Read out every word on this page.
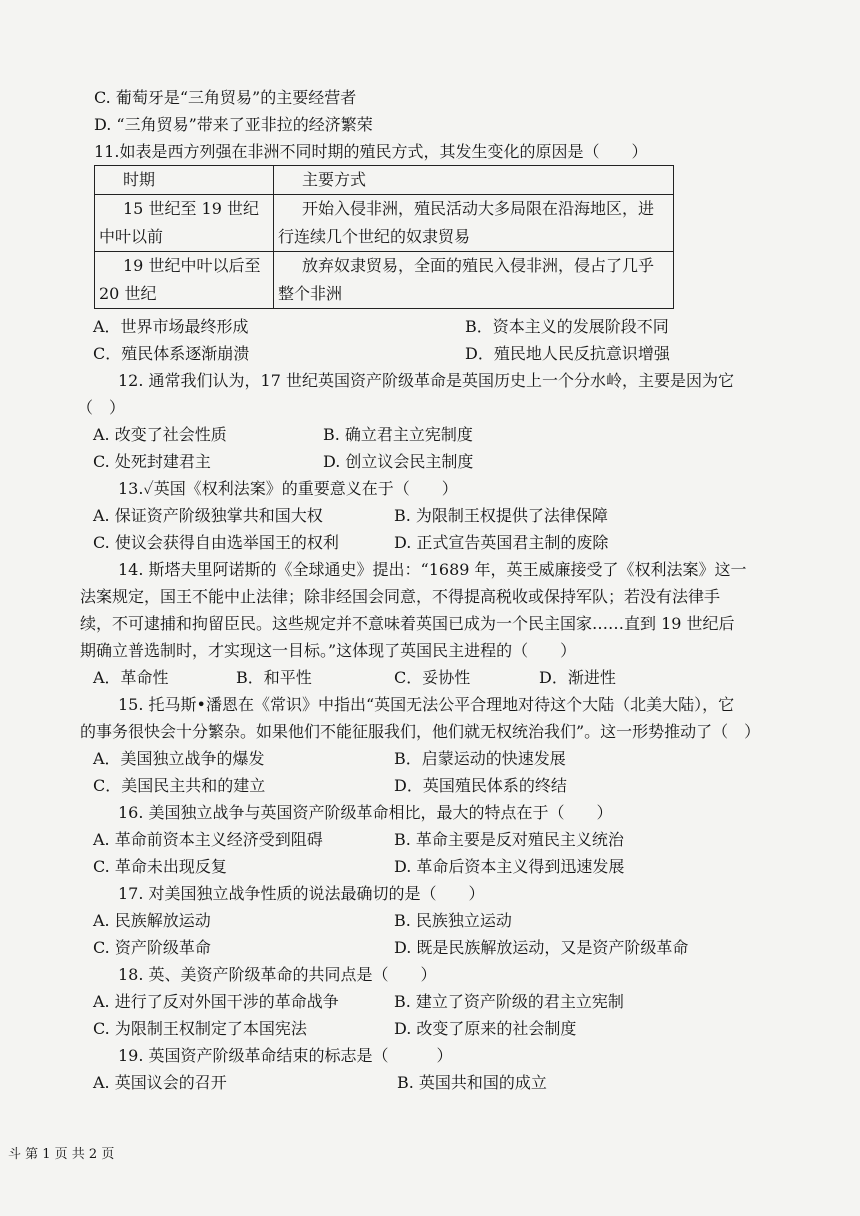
C. 葡萄牙是“三角贸易”的主要经营者
D. “三角贸易”带来了亚非拉的经济繁荣
11.如表是西方列强在非洲不同时期的殖民方式，其发生变化的原因是（　　）
时期	主要方式

15 世纪至 19 世纪中叶以前	开始入侵非洲，殖民活动大多局限在沿海地区，进行连续几个世纪的奴隶贸易

19 世纪中叶以后至 20 世纪	放弃奴隶贸易，全面的殖民入侵非洲，侵占了几乎整个非洲
A．世界市场最终形成	B．资本主义的发展阶段不同
C．殖民体系逐渐崩溃	D．殖民地人民反抗意识增强
12. 通常我们认为，17 世纪英国资产阶级革命是英国历史上一个分水岭，主要是因为它
（　）
A. 改变了社会性质	B. 确立君主立宪制度
C. 处死封建君主	D. 创立议会民主制度
13.✓英国《权利法案》的重要意义在于（　　）
A. 保证资产阶级独掌共和国大权	B. 为限制王权提供了法律保障
C. 使议会获得自由选举国王的权利	D. 正式宣告英国君主制的废除
14. 斯塔夫里阿诺斯的《全球通史》提出：“1689 年，英王威廉接受了《权利法案》这一
法案规定，国王不能中止法律；除非经国会同意，不得提高税收或保持军队；若没有法律手
续，不可逮捕和拘留臣民。这些规定并不意味着英国已成为一个民主国家……直到 19 世纪后
期确立普选制时，才实现这一目标。”这体现了英国民主进程的（　　）
A．革命性	B．和平性	C．妥协性	D．渐进性
15. 托马斯•潘恩在《常识》中指出“英国无法公平合理地对待这个大陆（北美大陆），它
的事务很快会十分繁杂。如果他们不能征服我们，他们就无权统治我们”。这一形势推动了（　）
A．美国独立战争的爆发	B．启蒙运动的快速发展
C．美国民主共和的建立	D．英国殖民体系的终结
16. 美国独立战争与英国资产阶级革命相比，最大的特点在于（　　）
A. 革命前资本主义经济受到阻碍	B. 革命主要是反对殖民主义统治
C. 革命未出现反复	D. 革命后资本主义得到迅速发展
17. 对美国独立战争性质的说法最确切的是（　　）
A. 民族解放运动	B. 民族独立运动
C. 资产阶级革命	D. 既是民族解放运动，又是资产阶级革命
18. 英、美资产阶级革命的共同点是（　　）
A. 进行了反对外国干涉的革命战争	B. 建立了资产阶级的君主立宪制
C. 为限制王权制定了本国宪法	D. 改变了原来的社会制度
19. 英国资产阶级革命结束的标志是（　　　）
A. 英国议会的召开	B. 英国共和国的成立
斗 第 1 页 共 2 页
